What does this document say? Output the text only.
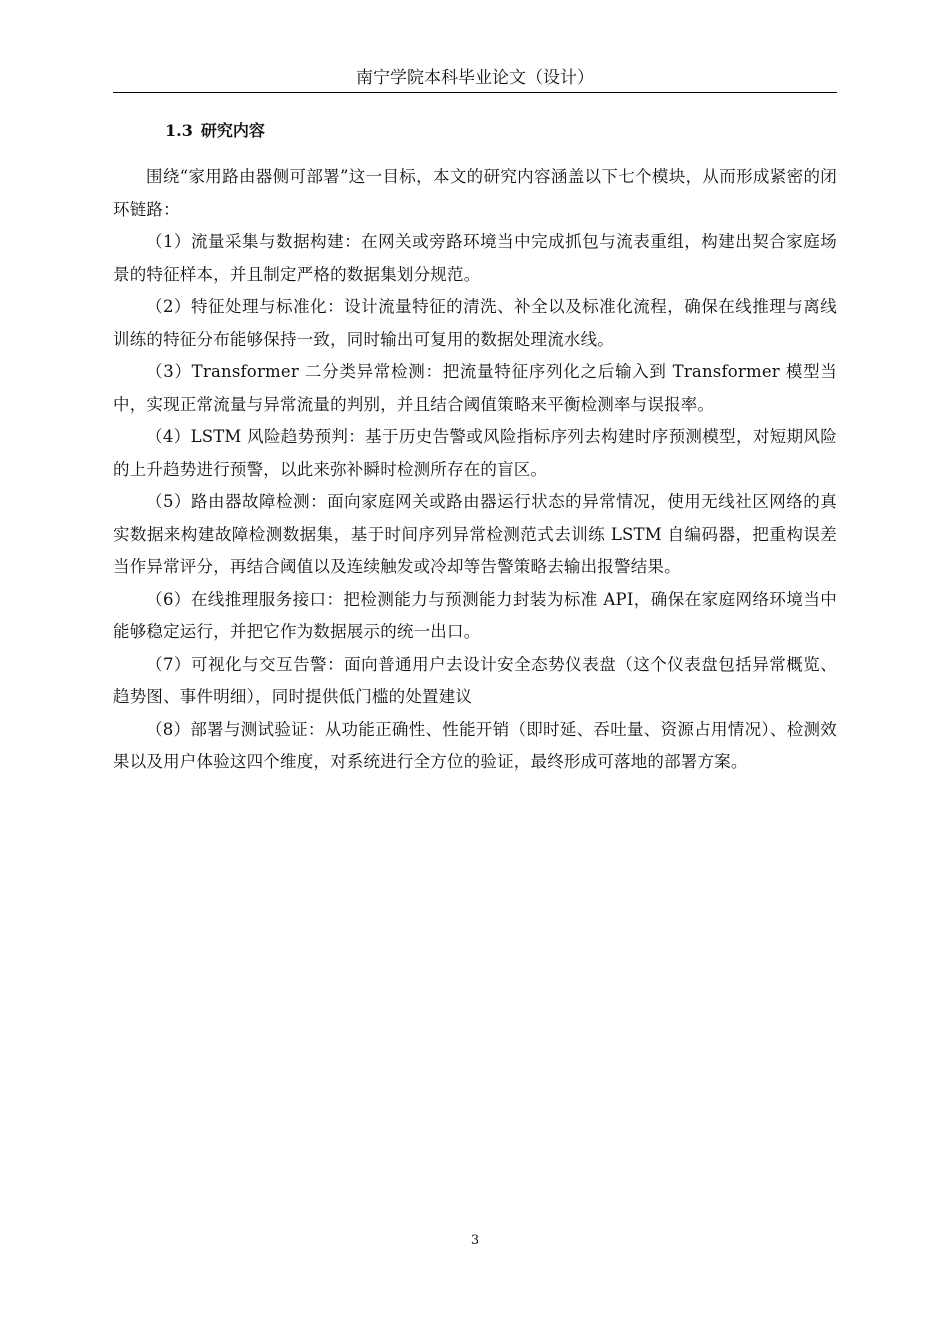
南宁学院本科毕业论文（设计）
1.3 研究内容

围绕“家用路由器侧可部署”这一目标，本文的研究内容涵盖以下七个模块，从而形成紧密的闭环链路：

（1）流量采集与数据构建：在网关或旁路环境当中完成抓包与流表重组，构建出契合家庭场景的特征样本，并且制定严格的数据集划分规范。

（2）特征处理与标准化：设计流量特征的清洗、补全以及标准化流程，确保在线推理与离线训练的特征分布能够保持一致，同时输出可复用的数据处理流水线。

（3）Transformer 二分类异常检测：把流量特征序列化之后输入到 Transformer 模型当中，实现正常流量与异常流量的判别，并且结合阈值策略来平衡检测率与误报率。

（4）LSTM 风险趋势预判：基于历史告警或风险指标序列去构建时序预测模型，对短期风险的上升趋势进行预警，以此来弥补瞬时检测所存在的盲区。

（5）路由器故障检测：面向家庭网关或路由器运行状态的异常情况，使用无线社区网络的真实数据来构建故障检测数据集，基于时间序列异常检测范式去训练 LSTM 自编码器，把重构误差当作异常评分，再结合阈值以及连续触发或冷却等告警策略去输出报警结果。

（6）在线推理服务接口：把检测能力与预测能力封装为标准 API，确保在家庭网络环境当中能够稳定运行，并把它作为数据展示的统一出口。

（7）可视化与交互告警：面向普通用户去设计安全态势仪表盘（这个仪表盘包括异常概览、趋势图、事件明细），同时提供低门槛的处置建议

（8）部署与测试验证：从功能正确性、性能开销（即时延、吞吐量、资源占用情况）、检测效果以及用户体验这四个维度，对系统进行全方位的验证，最终形成可落地的部署方案。

3
